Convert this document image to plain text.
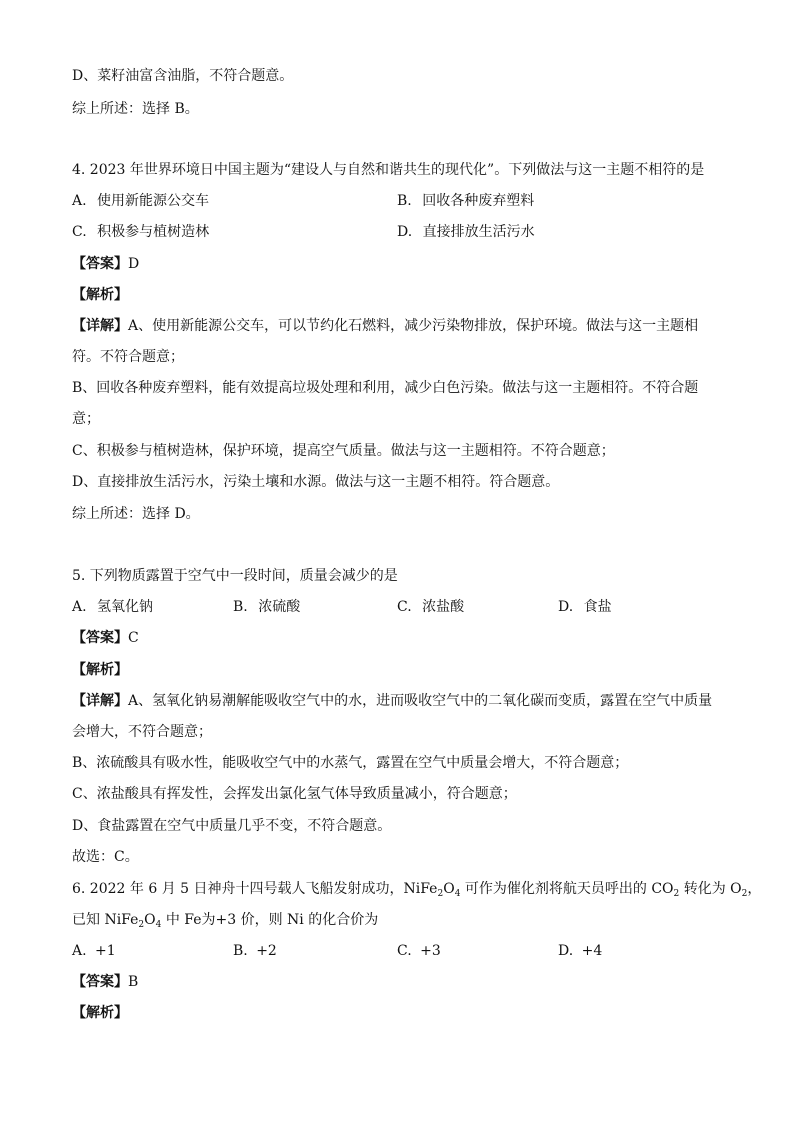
D、菜籽油富含油脂，不符合题意。
综上所述：选择 B。
4. 2023 年世界环境日中国主题为“建设人与自然和谐共生的现代化”。下列做法与这一主题不相符的是
A. 使用新能源公交车	B. 回收各种废弃塑料
C. 积极参与植树造林	D. 直接排放生活污水
【答案】D
【解析】
【详解】A、使用新能源公交车，可以节约化石燃料，减少污染物排放，保护环境。做法与这一主题相
符。不符合题意；
B、回收各种废弃塑料，能有效提高垃圾处理和利用，减少白色污染。做法与这一主题相符。不符合题
意；
C、积极参与植树造林，保护环境，提高空气质量。做法与这一主题相符。不符合题意；
D、直接排放生活污水，污染土壤和水源。做法与这一主题不相符。符合题意。
综上所述：选择 D。
5. 下列物质露置于空气中一段时间，质量会减少的是
A. 氢氧化钠	B. 浓硫酸	C. 浓盐酸	D. 食盐
【答案】C
【解析】
【详解】A、氢氧化钠易潮解能吸收空气中的水，进而吸收空气中的二氧化碳而变质，露置在空气中质量
会增大，不符合题意；
B、浓硫酸具有吸水性，能吸收空气中的水蒸气，露置在空气中质量会增大，不符合题意；
C、浓盐酸具有挥发性，会挥发出氯化氢气体导致质量减小，符合题意；
D、食盐露置在空气中质量几乎不变，不符合题意。
故选：C。
6. 2022 年 6 月 5 日神舟十四号载人飞船发射成功，$NiFe_2O_4$ 可作为催化剂将航天员呼出的 $CO_2$ 转化为 $O_2$，
已知 $NiFe_2O_4$ 中 Fe为+3 价，则 Ni 的化合价为
A. +1	B. +2	C. +3	D. +4
【答案】B
【解析】
